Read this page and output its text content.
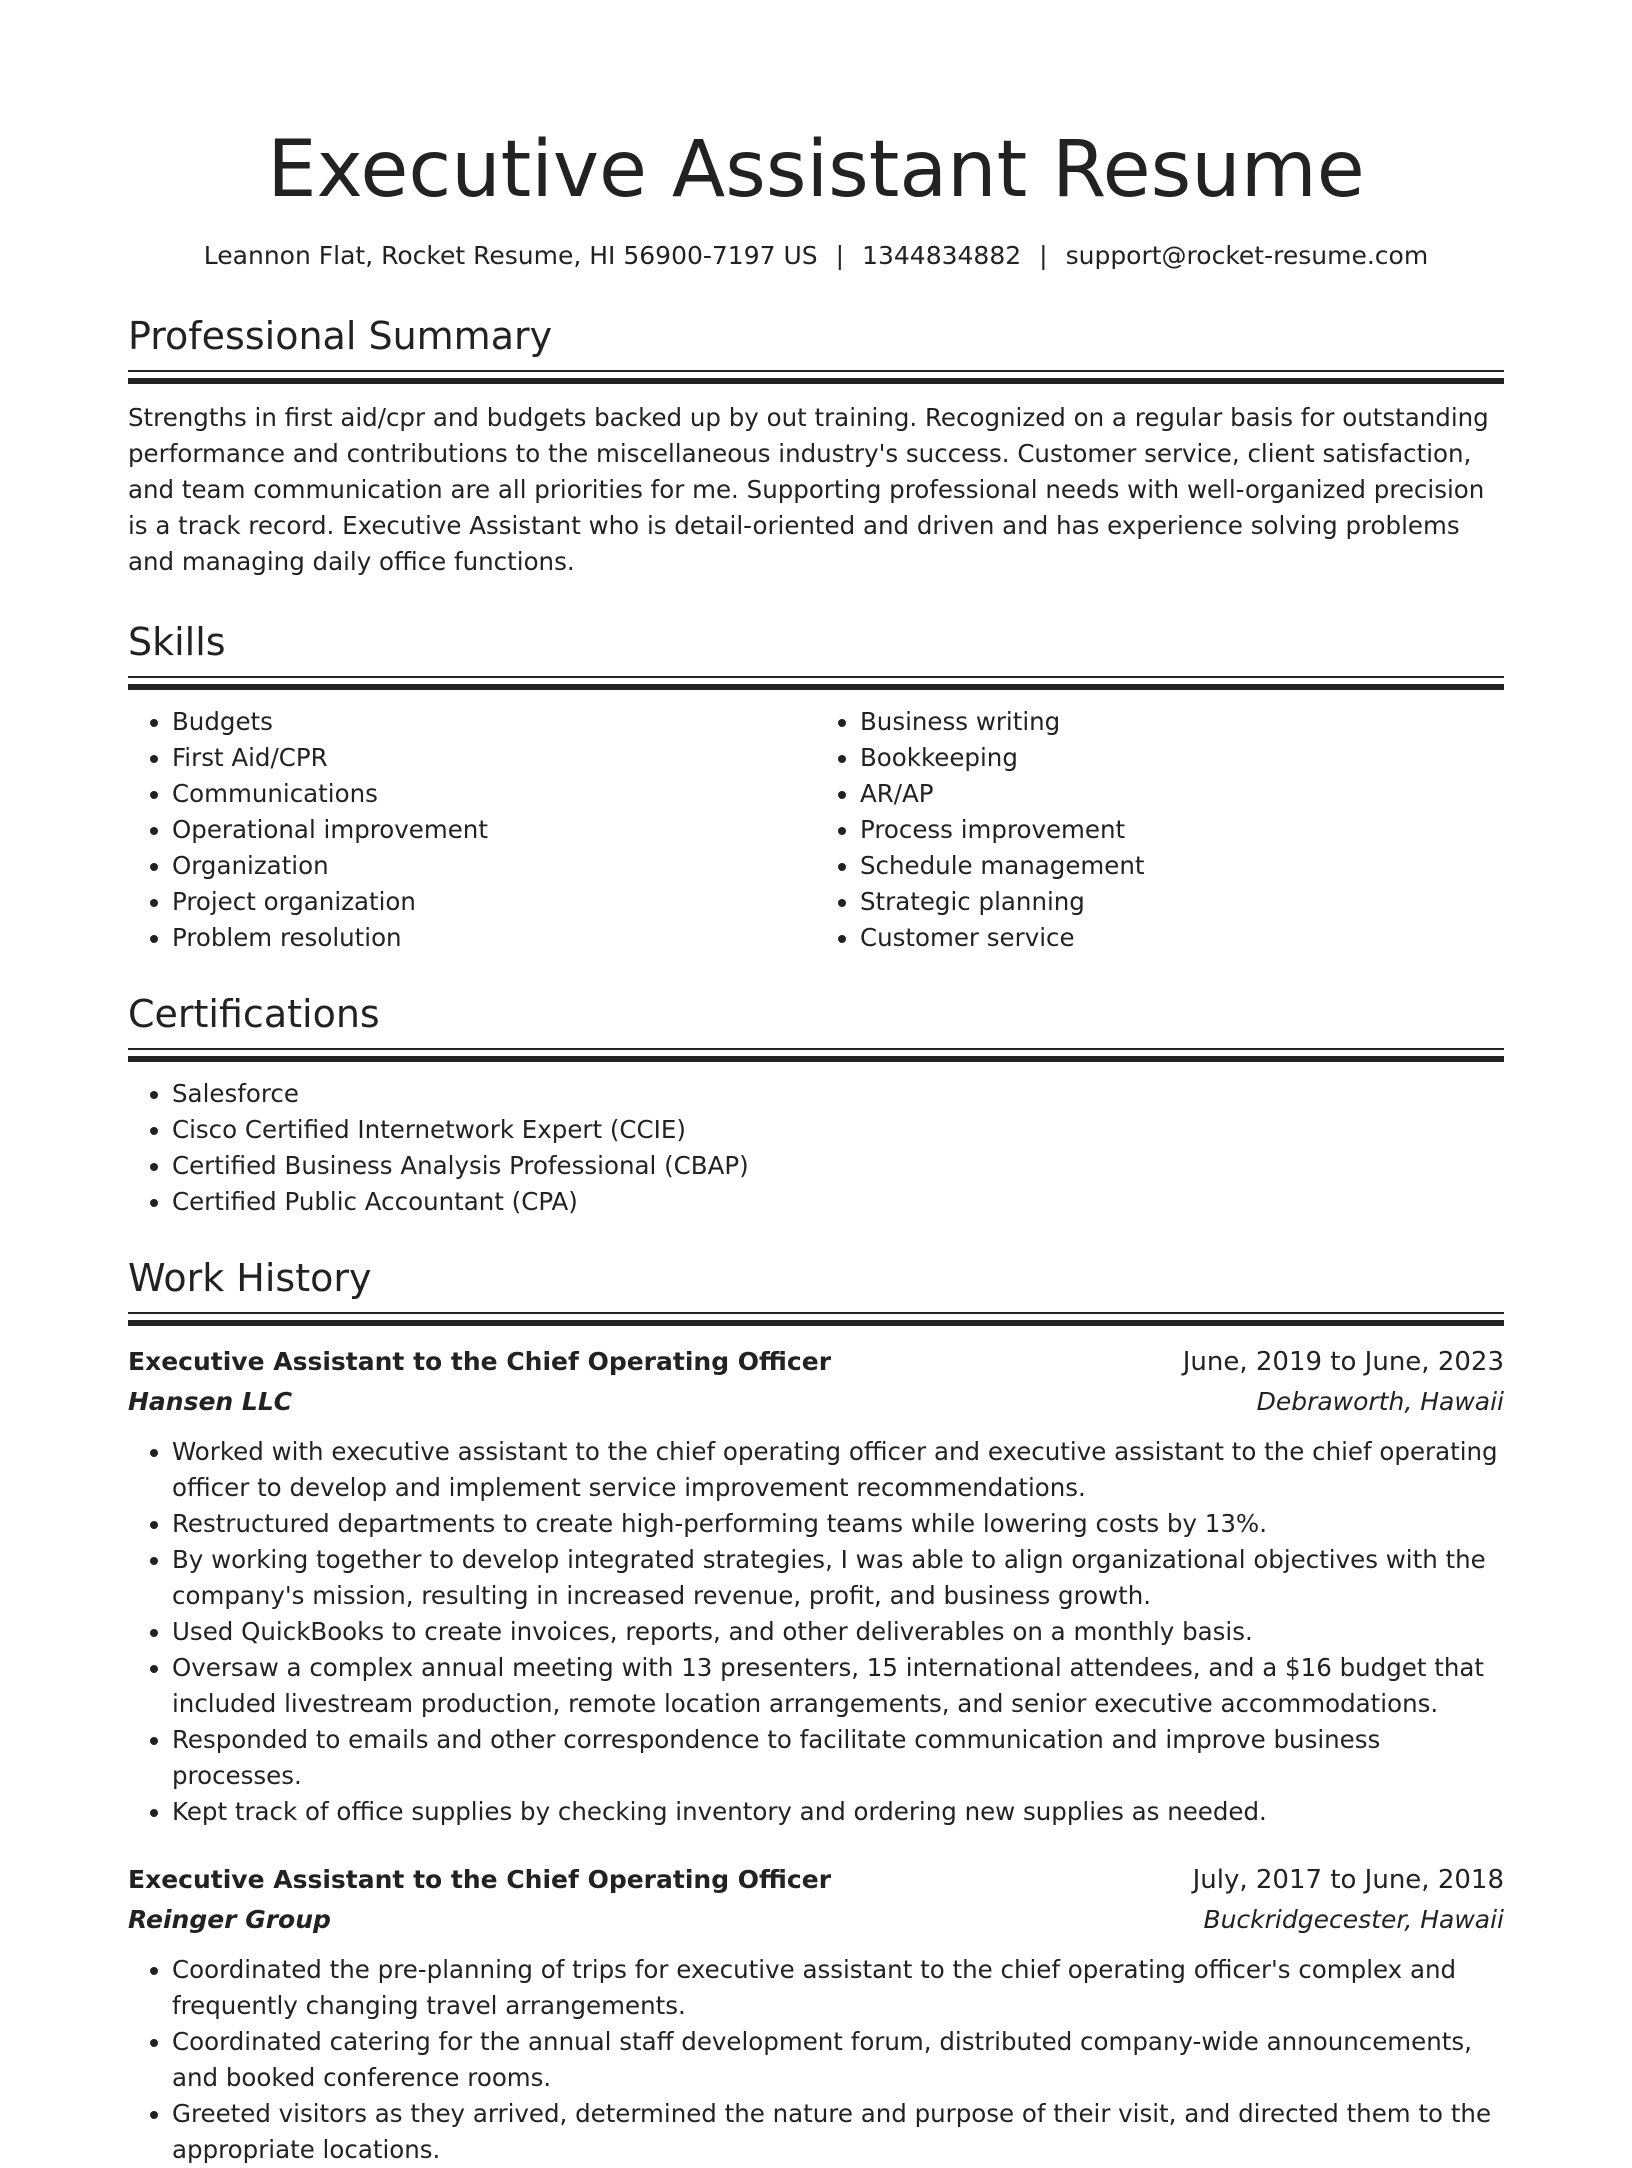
Executive Assistant Resume
Leannon Flat, Rocket Resume, HI 56900-7197 US | 1344834882 | support@rocket-resume.com
Professional Summary
Strengths in first aid/cpr and budgets backed up by out training. Recognized on a regular basis for outstanding performance and contributions to the miscellaneous industry's success. Customer service, client satisfaction, and team communication are all priorities for me. Supporting professional needs with well-organized precision is a track record. Executive Assistant who is detail-oriented and driven and has experience solving problems and managing daily office functions.
Skills
• Budgets
• First Aid/CPR
• Communications
• Operational improvement
• Organization
• Project organization
• Problem resolution
• Business writing
• Bookkeeping
• AR/AP
• Process improvement
• Schedule management
• Strategic planning
• Customer service
Certifications
• Salesforce
• Cisco Certified Internetwork Expert (CCIE)
• Certified Business Analysis Professional (CBAP)
• Certified Public Accountant (CPA)
Work History
Executive Assistant to the Chief Operating Officer	June, 2019 to June, 2023
Hansen LLC	Debraworth, Hawaii
• Worked with executive assistant to the chief operating officer and executive assistant to the chief operating officer to develop and implement service improvement recommendations.
• Restructured departments to create high-performing teams while lowering costs by 13%.
• By working together to develop integrated strategies, I was able to align organizational objectives with the company's mission, resulting in increased revenue, profit, and business growth.
• Used QuickBooks to create invoices, reports, and other deliverables on a monthly basis.
• Oversaw a complex annual meeting with 13 presenters, 15 international attendees, and a $16 budget that included livestream production, remote location arrangements, and senior executive accommodations.
• Responded to emails and other correspondence to facilitate communication and improve business processes.
• Kept track of office supplies by checking inventory and ordering new supplies as needed.
Executive Assistant to the Chief Operating Officer	July, 2017 to June, 2018
Reinger Group	Buckridgecester, Hawaii
• Coordinated the pre-planning of trips for executive assistant to the chief operating officer's complex and frequently changing travel arrangements.
• Coordinated catering for the annual staff development forum, distributed company-wide announcements, and booked conference rooms.
• Greeted visitors as they arrived, determined the nature and purpose of their visit, and directed them to the appropriate locations.
